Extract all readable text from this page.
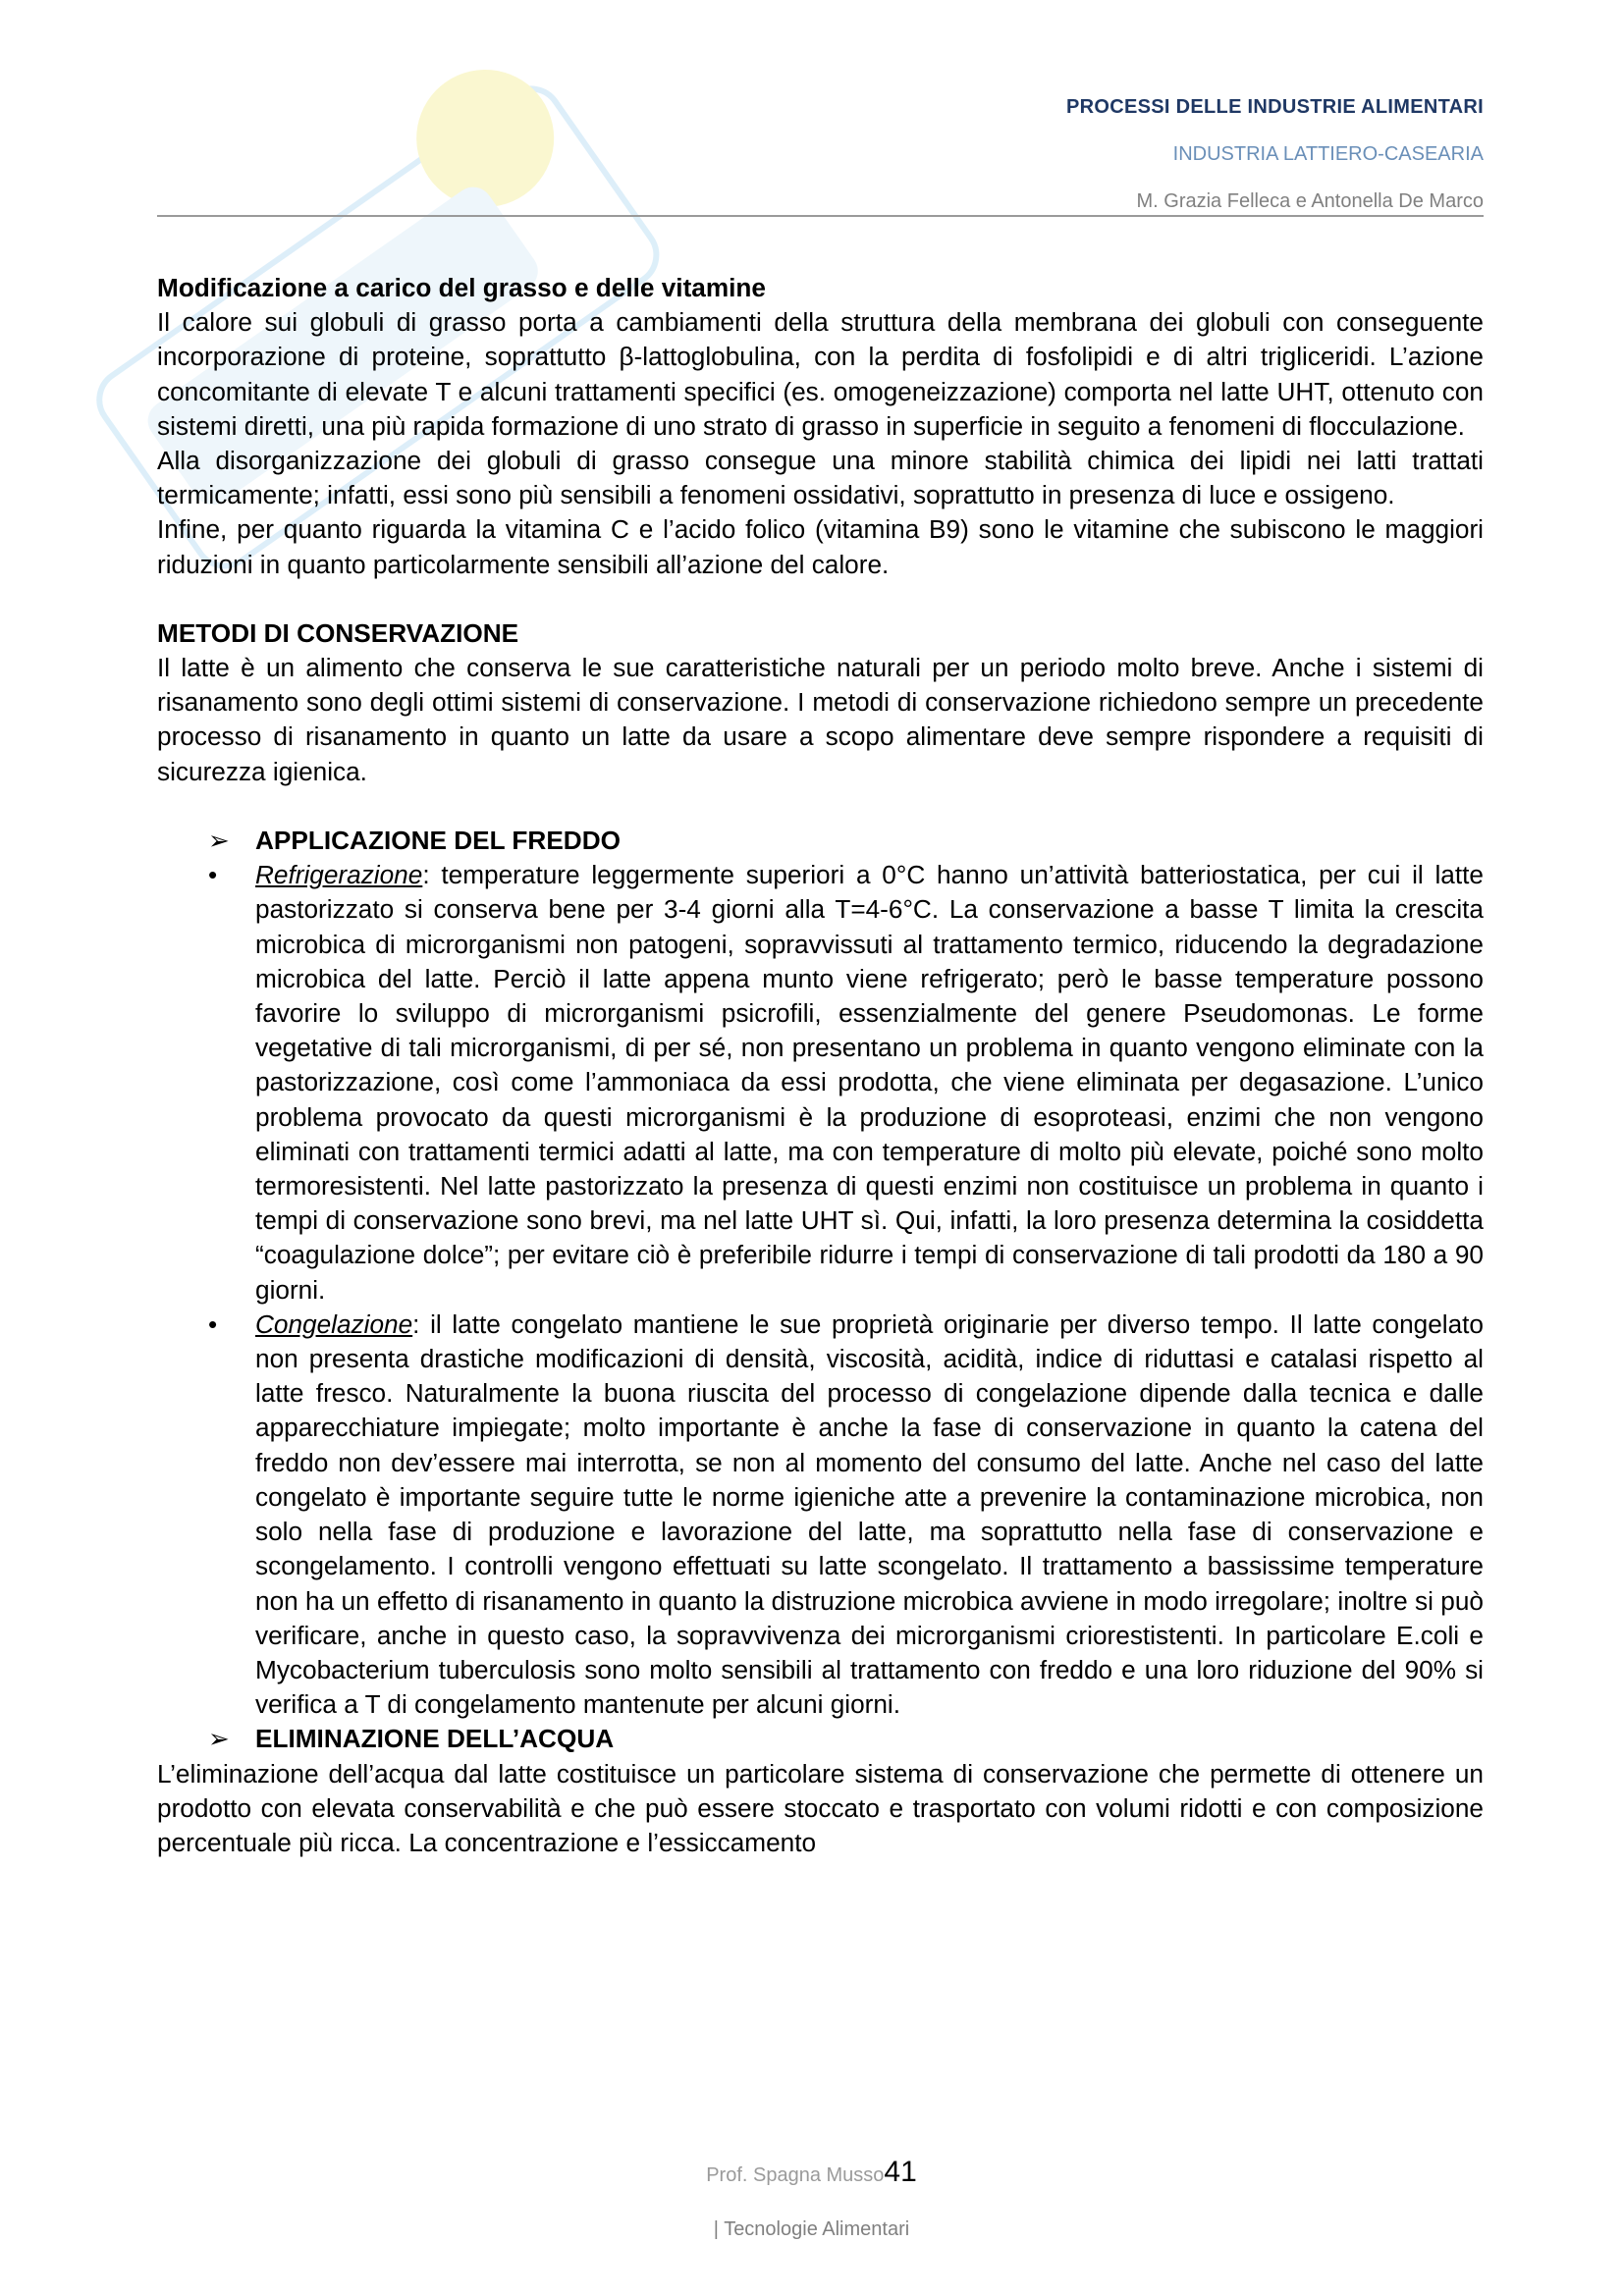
PROCESSI DELLE INDUSTRIE ALIMENTARI
INDUSTRIA LATTIERO-CASEARIA
M. Grazia Felleca e Antonella De Marco
Modificazione a carico del grasso e delle vitamine

Il calore sui globuli di grasso porta a cambiamenti della struttura della membrana dei globuli con conseguente incorporazione di proteine, soprattutto β-lattoglobulina, con la perdita di fosfolipidi e di altri trigliceridi. L’azione concomitante di elevate T e alcuni trattamenti specifici (es. omogeneizzazione) comporta nel latte UHT, ottenuto con sistemi diretti, una più rapida formazione di uno strato di grasso in superficie in seguito a fenomeni di flocculazione.

Alla disorganizzazione dei globuli di grasso consegue una minore stabilità chimica dei lipidi nei latti trattati termicamente; infatti, essi sono più sensibili a fenomeni ossidativi, soprattutto in presenza di luce e ossigeno.

Infine, per quanto riguarda la vitamina C e l’acido folico (vitamina B9) sono le vitamine che subiscono le maggiori riduzioni in quanto particolarmente sensibili all’azione del calore.

METODI DI CONSERVAZIONE

Il latte è un alimento che conserva le sue caratteristiche naturali per un periodo molto breve. Anche i sistemi di risanamento sono degli ottimi sistemi di conservazione. I metodi di conservazione richiedono sempre un precedente processo di risanamento in quanto un latte da usare a scopo alimentare deve sempre rispondere a requisiti di sicurezza igienica.

➢ APPLICAZIONE DEL FREDDO
• Refrigerazione: temperature leggermente superiori a 0°C hanno un’attività batteriostatica, per cui il latte pastorizzato si conserva bene per 3-4 giorni alla T=4-6°C. La conservazione a basse T limita la crescita microbica di microrganismi non patogeni, sopravvissuti al trattamento termico, riducendo la degradazione microbica del latte. Perciò il latte appena munto viene refrigerato; però le basse temperature possono favorire lo sviluppo di microrganismi psicrofili, essenzialmente del genere Pseudomonas. Le forme vegetative di tali microrganismi, di per sé, non presentano un problema in quanto vengono eliminate con la pastorizzazione, così come l’ammoniaca da essi prodotta, che viene eliminata per degasazione. L’unico problema provocato da questi microrganismi è la produzione di esoproteasi, enzimi che non vengono eliminati con trattamenti termici adatti al latte, ma con temperature di molto più elevate, poiché sono molto termoresistenti. Nel latte pastorizzato la presenza di questi enzimi non costituisce un problema in quanto i tempi di conservazione sono brevi, ma nel latte UHT sì. Qui, infatti, la loro presenza determina la cosiddetta “coagulazione dolce”; per evitare ciò è preferibile ridurre i tempi di conservazione di tali prodotti da 180 a 90 giorni.
• Congelazione: il latte congelato mantiene le sue proprietà originarie per diverso tempo. Il latte congelato non presenta drastiche modificazioni di densità, viscosità, acidità, indice di riduttasi e catalasi rispetto al latte fresco. Naturalmente la buona riuscita del processo di congelazione dipende dalla tecnica e dalle apparecchiature impiegate; molto importante è anche la fase di conservazione in quanto la catena del freddo non dev’essere mai interrotta, se non al momento del consumo del latte. Anche nel caso del latte congelato è importante seguire tutte le norme igieniche atte a prevenire la contaminazione microbica, non solo nella fase di produzione e lavorazione del latte, ma soprattutto nella fase di conservazione e scongelamento. I controlli vengono effettuati su latte scongelato. Il trattamento a bassissime temperature non ha un effetto di risanamento in quanto la distruzione microbica avviene in modo irregolare; inoltre si può verificare, anche in questo caso, la sopravvivenza dei microrganismi criorestistenti. In particolare E.coli e Mycobacterium tuberculosis sono molto sensibili al trattamento con freddo e una loro riduzione del 90% si verifica a T di congelamento mantenute per alcuni giorni.
➢ ELIMINAZIONE DELL’ACQUA

L’eliminazione dell’acqua dal latte costituisce un particolare sistema di conservazione che permette di ottenere un prodotto con elevata conservabilità e che può essere stoccato e trasportato con volumi ridotti e con composizione percentuale più ricca. La concentrazione e l’essiccamento

Prof. Spagna Musso41
| Tecnologie Alimentari
